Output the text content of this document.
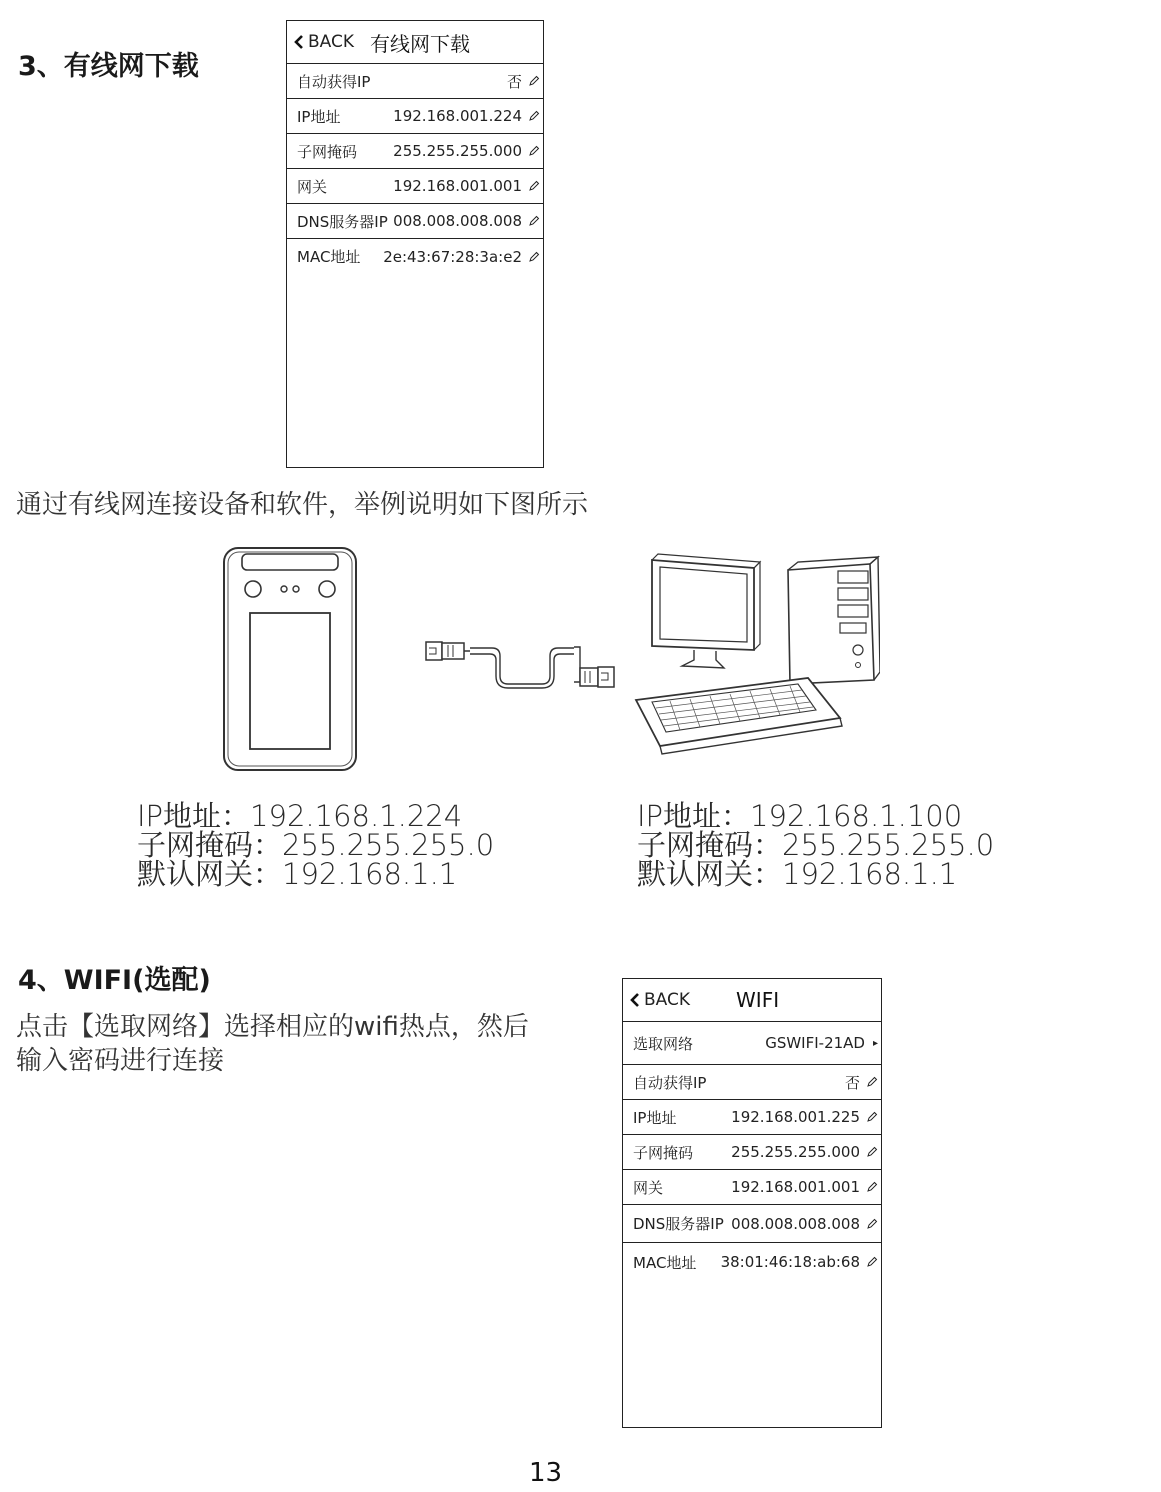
3、有线网下载
BACK 有线网下载
自动获得IP	否
IP地址	192.168.001.224
子网掩码 255.255.255.000
网关	192.168.001.001
DNS服务器IP 008.008.008.008
MAC地址 2e:43:67:28:3a:e2
通过有线网连接设备和软件，举例说明如下图所示
IP地址：192.168.1.224
子网掩码：255.255.255.0
默认网关：192.168.1.1
IP地址：192.168.1.100
子网掩码：255.255.255.0
默认网关：192.168.1.1
4、WIFI(选配)
点击【选取网络】选择相应的wifi热点，然后
输入密码进行连接
BACK WIFI
选取网络	GSWIFI-21AD ▸
自动获得IP	否
IP地址	192.168.001.225
子网掩码	255.255.255.000
网关	192.168.001.001
DNS服务器IP 008.008.008.008
MAC地址 38:01:46:18:ab:68
13
